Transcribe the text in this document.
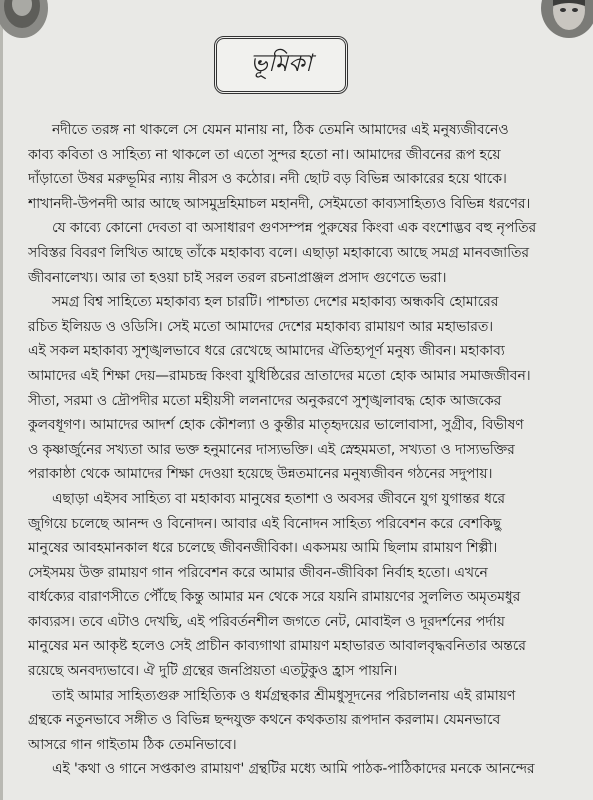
ভূমিকা
নদীতে তরঙ্গ না থাকলে সে যেমন মানায় না, ঠিক তেমনি আমাদের এই মনুষ্যজীবনেও
কাব্য কবিতা ও সাহিত্য না থাকলে তা এতো সুন্দর হতো না। আমাদের জীবনের রূপ হয়ে
দাঁড়াতো উষর মরুভূমির ন্যায় নীরস ও কঠোর। নদী ছোট বড় বিভিন্ন আকারের হয়ে থাকে।
শাখানদী-উপনদী আর আছে আসমুদ্রহিমাচল মহানদী, সেইমতো কাব্যসাহিত্যও বিভিন্ন ধরণের।
যে কাব্যে কোনো দেবতা বা অসাধারণ গুণসম্পন্ন পুরুষের কিংবা এক বংশোদ্ভব বহু নৃপতির
সবিস্তর বিবরণ লিখিত আছে তাঁকে মহাকাব্য বলে। এছাড়া মহাকাব্যে আছে সমগ্র মানবজাতির
জীবনালেখ্য। আর তা হওয়া চাই সরল তরল রচনাপ্রাঞ্জল প্রসাদ গুণেতে ভরা।
সমগ্র বিশ্ব সাহিত্যে মহাকাব্য হল চারটি। পাশ্চাত্য দেশের মহাকাব্য অন্ধকবি হোমারের
রচিত ইলিয়ড ও ওডিসি। সেই মতো আমাদের দেশের মহাকাব্য রামায়ণ আর মহাভারত।
এই সকল মহাকাব্য সুশৃঙ্খলভাবে ধরে রেখেছে আমাদের ঐতিহ্যপূর্ণ মনুষ্য জীবন। মহাকাব্য
আমাদের এই শিক্ষা দেয়—রামচন্দ্র কিংবা যুধিষ্ঠিরের ভ্রাতাদের মতো হোক আমার সমাজজীবন।
সীতা, সরমা ও দ্রৌপদীর মতো মহীয়সী ললনাদের অনুকরণে সুশৃঙ্খলাবদ্ধ হোক আজকের
কুলবধূগণ। আমাদের আদর্শ হোক কৌশল্যা ও কুন্তীর মাতৃহৃদয়ের ভালোবাসা, সুগ্রীব, বিভীষণ
ও কৃষ্ণার্জুনের সখ্যতা আর ভক্ত হনুমানের দাস্যভক্তি। এই স্নেহমমতা, সখ্যতা ও দাস্যভক্তির
পরাকাষ্ঠা থেকে আমাদের শিক্ষা দেওয়া হয়েছে উন্নতমানের মনুষ্যজীবন গঠনের সদুপায়।
এছাড়া এইসব সাহিত্য বা মহাকাব্য মানুষের হতাশা ও অবসর জীবনে যুগ যুগান্তর ধরে
জুগিয়ে চলেছে আনন্দ ও বিনোদন। আবার এই বিনোদন সাহিত্য পরিবেশন করে বেশকিছু
মানুষের আবহমানকাল ধরে চলেছে জীবনজীবিকা। একসময় আমি ছিলাম রামায়ণ শিল্পী।
সেইসময় উক্ত রামায়ণ গান পরিবেশন করে আমার জীবন-জীবিকা নির্বাহ হতো। এখনে
বার্ধক্যের বারাণসীতে পৌঁছে কিন্তু আমার মন থেকে সরে যয়নি রামায়ণের সুললিত অমৃতমধুর
কাব্যরস। তবে এটাও দেখছি, এই পরিবর্তনশীল জগতে নেট, মোবাইল ও দূরদর্শনের পর্দায়
মানুষের মন আকৃষ্ট হলেও সেই প্রাচীন কাব্যগাথা রামায়ণ মহাভারত আবালবৃদ্ধবনিতার অন্তরে
রয়েছে অনবদ্যভাবে। ঐ দুটি গ্রন্থের জনপ্রিয়তা এতটুকুও হ্রাস পায়নি।
তাই আমার সাহিত্যগুরু সাহিত্যিক ও ধর্মগ্রন্থকার শ্রীমধুসূদনের পরিচালনায় এই রামায়ণ
গ্রন্থকে নতুনভাবে সঙ্গীত ও বিভিন্ন ছন্দযুক্ত কথনে কথকতায় রূপদান করলাম। যেমনভাবে
আসরে গান গাইতাম ঠিক তেমনিভাবে।
এই 'কথা ও গানে সপ্তকাণ্ড রামায়ণ' গ্রন্থটির মধ্যে আমি পাঠক-পাঠিকাদের মনকে আনন্দের
